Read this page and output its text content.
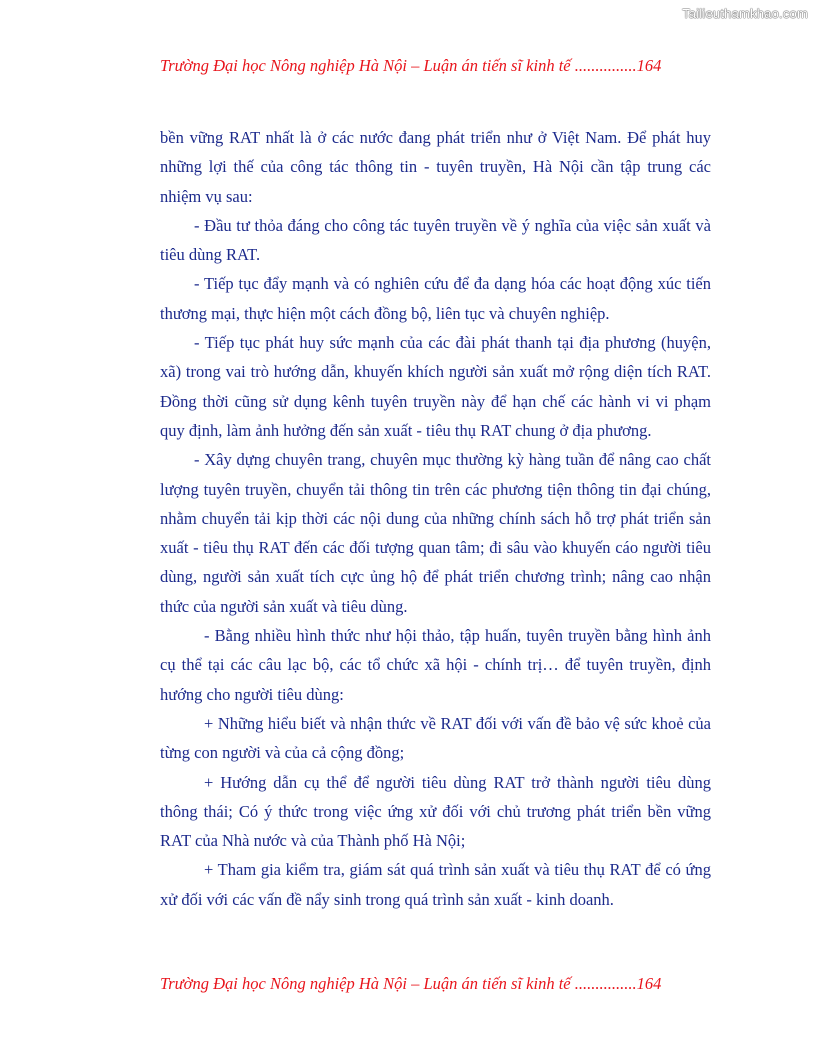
Tailieuthamkhao.com
Trường Đại học Nông nghiệp Hà Nội – Luận án tiến sĩ kinh tế ...............164

bền vững RAT nhất là ở các nước đang phát triển như ở Việt Nam. Để phát huy những lợi thế của công tác thông tin - tuyên truyền, Hà Nội cần tập trung các nhiệm vụ sau:

- Đầu tư thỏa đáng cho công tác tuyên truyền về ý nghĩa của việc sản xuất và tiêu dùng RAT.

- Tiếp tục đẩy mạnh và có nghiên cứu để đa dạng hóa các hoạt động xúc tiến thương mại, thực hiện một cách đồng bộ, liên tục và chuyên nghiệp.

- Tiếp tục phát huy sức mạnh của các đài phát thanh tại địa phương (huyện, xã) trong vai trò hướng dẫn, khuyến khích người sản xuất mở rộng diện tích RAT. Đồng thời cũng sử dụng kênh tuyên truyền này để hạn chế các hành vi vi phạm quy định, làm ảnh hưởng đến sản xuất - tiêu thụ RAT chung ở địa phương.

- Xây dựng chuyên trang, chuyên mục thường kỳ hàng tuần để nâng cao chất lượng tuyên truyền, chuyển tải thông tin trên các phương tiện thông tin đại chúng, nhằm chuyển tải kịp thời các nội dung của những chính sách hỗ trợ phát triển sản xuất - tiêu thụ RAT đến các đối tượng quan tâm; đi sâu vào khuyến cáo người tiêu dùng, người sản xuất tích cực ủng hộ để phát triển chương trình; nâng cao nhận thức của người sản xuất và tiêu dùng.

- Bằng nhiều hình thức như hội thảo, tập huấn, tuyên truyền bằng hình ảnh cụ thể tại các câu lạc bộ, các tổ chức xã hội - chính trị… để tuyên truyền, định hướng cho người tiêu dùng:

+ Những hiểu biết và nhận thức về RAT đối với vấn đề bảo vệ sức khoẻ của từng con người và của cả cộng đồng;

+ Hướng dẫn cụ thể để người tiêu dùng RAT trở thành người tiêu dùng thông thái; Có ý thức trong việc ứng xử đối với chủ trương phát triển bền vững RAT của Nhà nước và của Thành phố Hà Nội;

+ Tham gia kiểm tra, giám sát quá trình sản xuất và tiêu thụ RAT để có ứng xử đối với các vấn đề nẩy sinh trong quá trình sản xuất - kinh doanh.

Trường Đại học Nông nghiệp Hà Nội – Luận án tiến sĩ kinh tế ...............164
